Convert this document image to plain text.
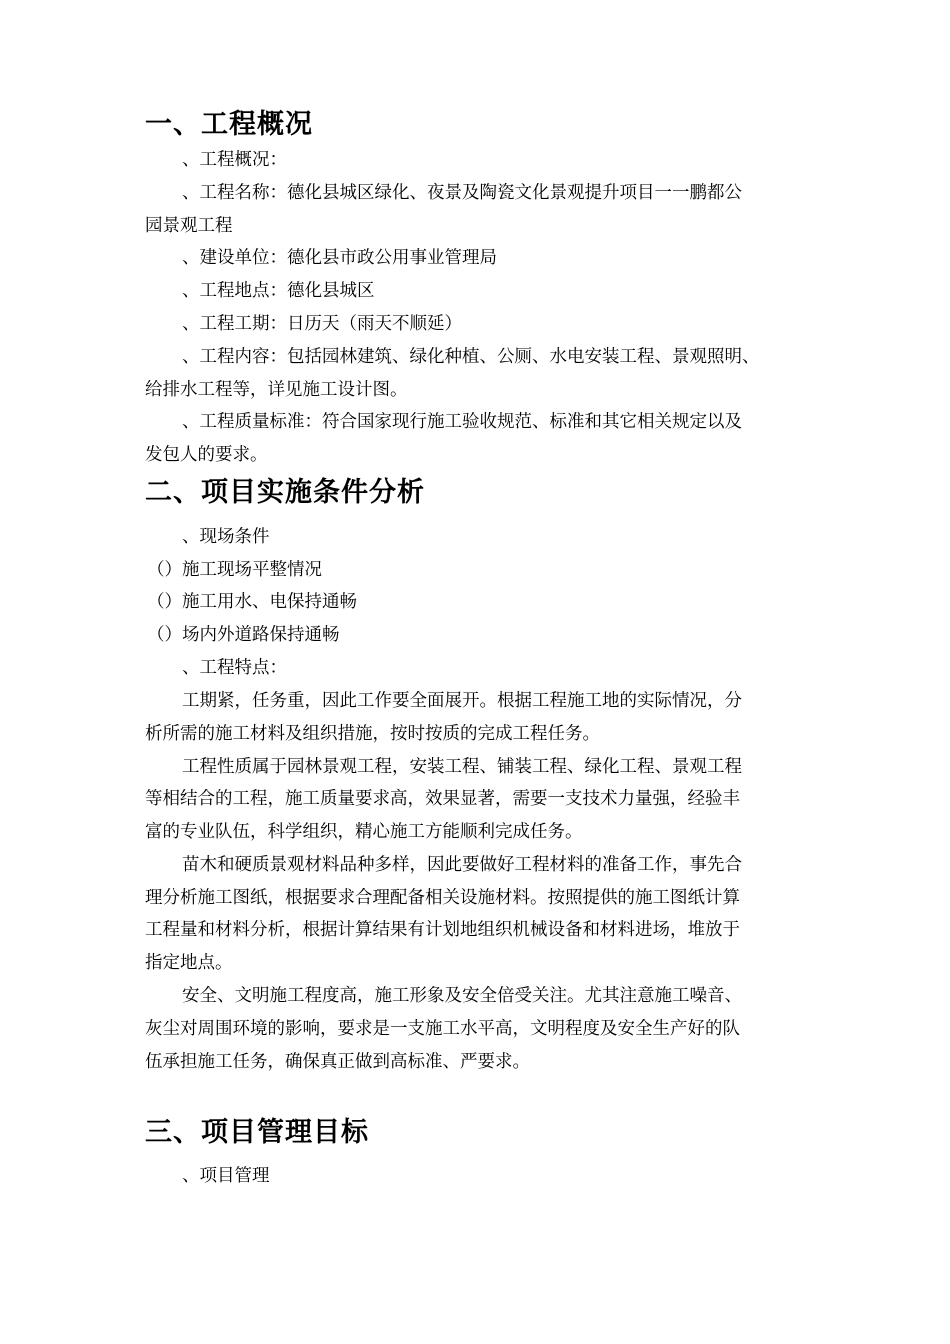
一、工程概况
、工程概况：
、工程名称：德化县城区绿化、夜景及陶瓷文化景观提升项目一一鹏都公
园景观工程
、建设单位：德化县市政公用事业管理局
、工程地点：德化县城区
、工程工期：日历天（雨天不顺延）
、工程内容：包括园林建筑、绿化种植、公厕、水电安装工程、景观照明、
给排水工程等，详见施工设计图。
、工程质量标准：符合国家现行施工验收规范、标准和其它相关规定以及
发包人的要求。
二、项目实施条件分析
、现场条件
（）施工现场平整情况
（）施工用水、电保持通畅
（）场内外道路保持通畅
、工程特点：
工期紧，任务重，因此工作要全面展开。根据工程施工地的实际情况，分
析所需的施工材料及组织措施，按时按质的完成工程任务。
工程性质属于园林景观工程，安装工程、铺装工程、绿化工程、景观工程
等相结合的工程，施工质量要求高，效果显著，需要一支技术力量强，经验丰
富的专业队伍，科学组织，精心施工方能顺利完成任务。
苗木和硬质景观材料品种多样，因此要做好工程材料的准备工作，事先合
理分析施工图纸，根据要求合理配备相关设施材料。按照提供的施工图纸计算
工程量和材料分析，根据计算结果有计划地组织机械设备和材料进场，堆放于
指定地点。
安全、文明施工程度高，施工形象及安全倍受关注。尤其注意施工噪音、
灰尘对周围环境的影响，要求是一支施工水平高，文明程度及安全生产好的队
伍承担施工任务，确保真正做到高标准、严要求。
三、项目管理目标
、项目管理
